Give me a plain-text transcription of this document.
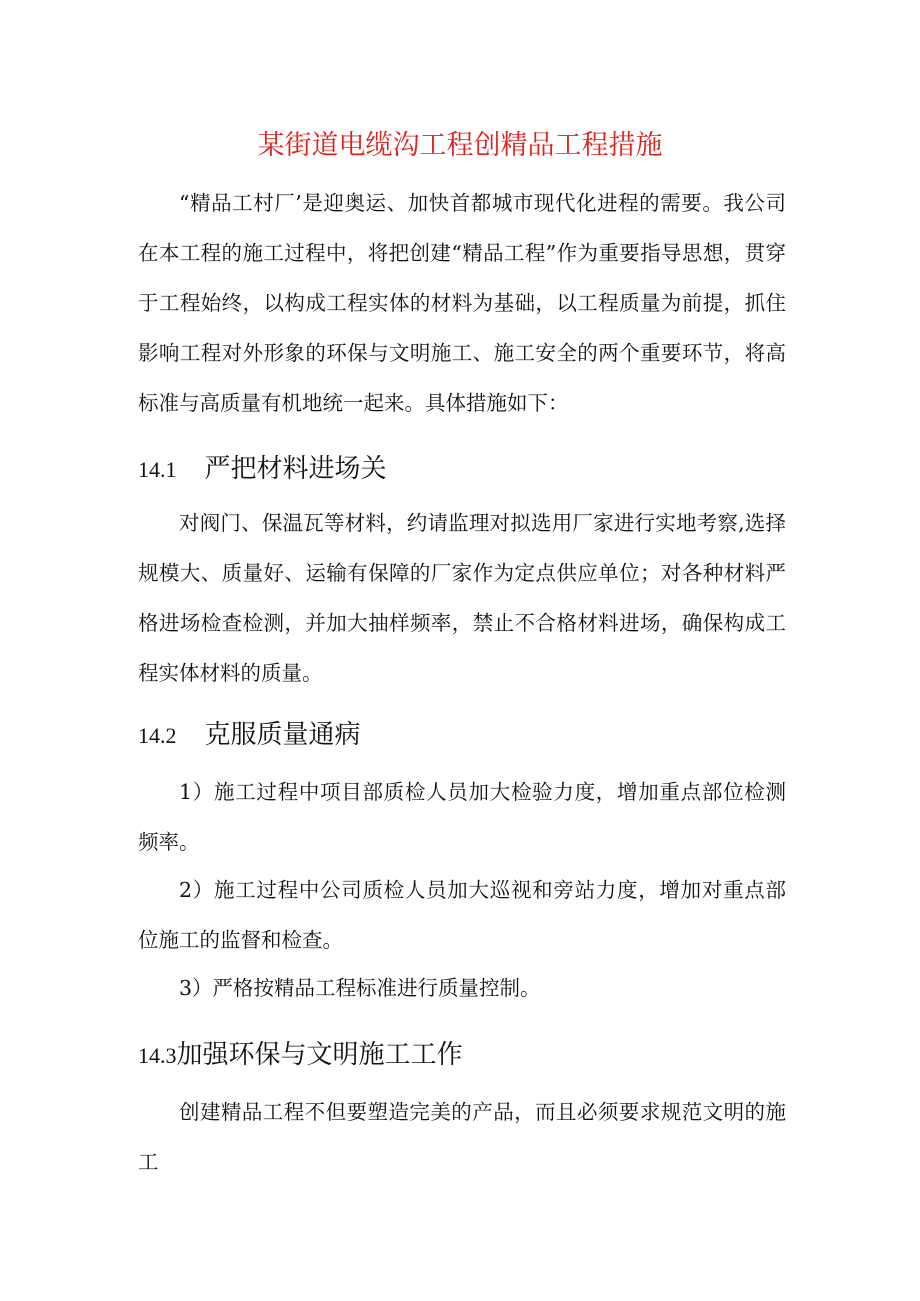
某街道电缆沟工程创精品工程措施

“精品工村厂’是迎奥运、加快首都城市现代化进程的需要。我公司在本工程的施工过程中，将把创建“精品工程”作为重要指导思想，贯穿于工程始终，以构成工程实体的材料为基础，以工程质量为前提，抓住影响工程对外形象的环保与文明施工、施工安全的两个重要环节，将高标准与高质量有机地统一起来。具体措施如下：

14.1 严把材料进场关

对阀门、保温瓦等材料，约请监理对拟选用厂家进行实地考察,选择规模大、质量好、运输有保障的厂家作为定点供应单位；对各种材料严格进场检查检测，并加大抽样频率，禁止不合格材料进场，确保构成工程实体材料的质量。

14.2 克服质量通病

1）施工过程中项目部质检人员加大检验力度，增加重点部位检测频率。

2）施工过程中公司质检人员加大巡视和旁站力度，增加对重点部位施工的监督和检查。

3）严格按精品工程标准进行质量控制。

14.3加强环保与文明施工工作

创建精品工程不但要塑造完美的产品，而且必须要求规范文明的施工
